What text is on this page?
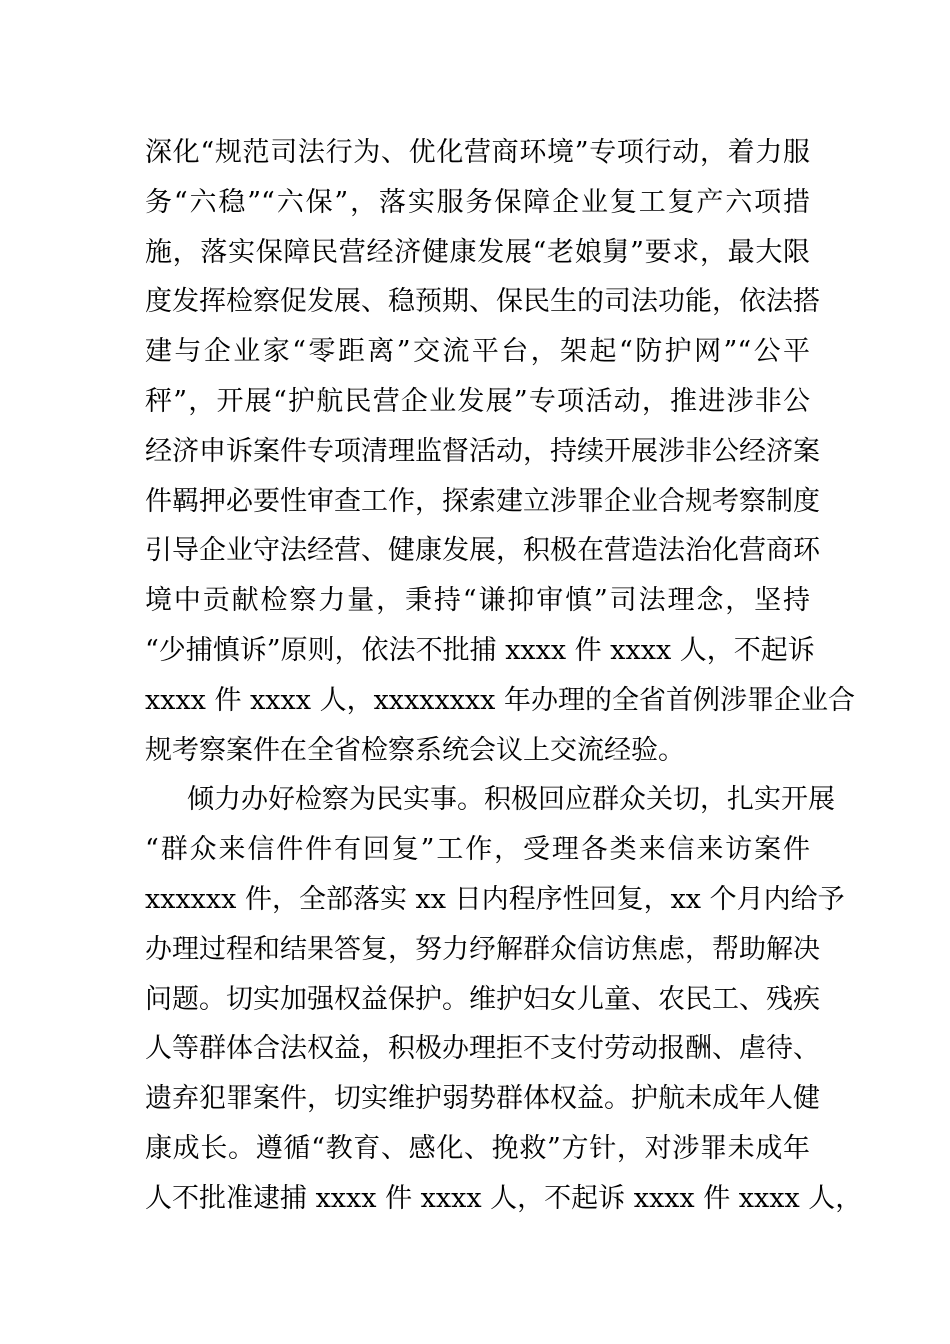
深化“规范司法行为、优化营商环境”专项行动，着力服
务“六稳”“六保”，落实服务保障企业复工复产六项措
施，落实保障民营经济健康发展“老娘舅”要求，最大限
度发挥检察促发展、稳预期、保民生的司法功能，依法搭
建与企业家“零距离”交流平台，架起“防护网”“公平
秤”，开展“护航民营企业发展”专项活动，推进涉非公
经济申诉案件专项清理监督活动，持续开展涉非公经济案
件羁押必要性审查工作，探索建立涉罪企业合规考察制度
引导企业守法经营、健康发展，积极在营造法治化营商环
境中贡献检察力量，秉持“谦抑审慎”司法理念，坚持
“少捕慎诉”原则，依法不批捕 xxxx 件 xxxx 人，不起诉
xxxx 件 xxxx 人，xxxxxxxx 年办理的全省首例涉罪企业合
规考察案件在全省检察系统会议上交流经验。
倾力办好检察为民实事。积极回应群众关切，扎实开展
“群众来信件件有回复”工作，受理各类来信来访案件
xxxxxx 件，全部落实 xx 日内程序性回复，xx 个月内给予
办理过程和结果答复，努力纾解群众信访焦虑，帮助解决
问题。切实加强权益保护。维护妇女儿童、农民工、残疾
人等群体合法权益，积极办理拒不支付劳动报酬、虐待、
遗弃犯罪案件，切实维护弱势群体权益。护航未成年人健
康成长。遵循“教育、感化、挽救”方针，对涉罪未成年
人不批准逮捕 xxxx 件 xxxx 人，不起诉 xxxx 件 xxxx 人，
